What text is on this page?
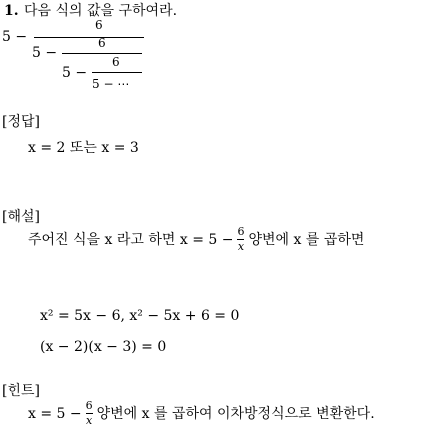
1. 다음 식의 값을 구하여라.
6
5 −	6
5 −
6
5 −
5 − ⋯
[정답]
x = 2 또는 x = 3
[해설]
주어진 식을 x 라고 하면 $x = 5 - \frac{6}{x}$ 양변에 x 를 곱하면
x² = 5x − 6, x² − 5x + 6 = 0
(x − 2)(x − 3) = 0
[힌트]
$x = 5 - \frac{6}{x}$ 양변에 x 를 곱하여 이차방정식으로 변환한다.
